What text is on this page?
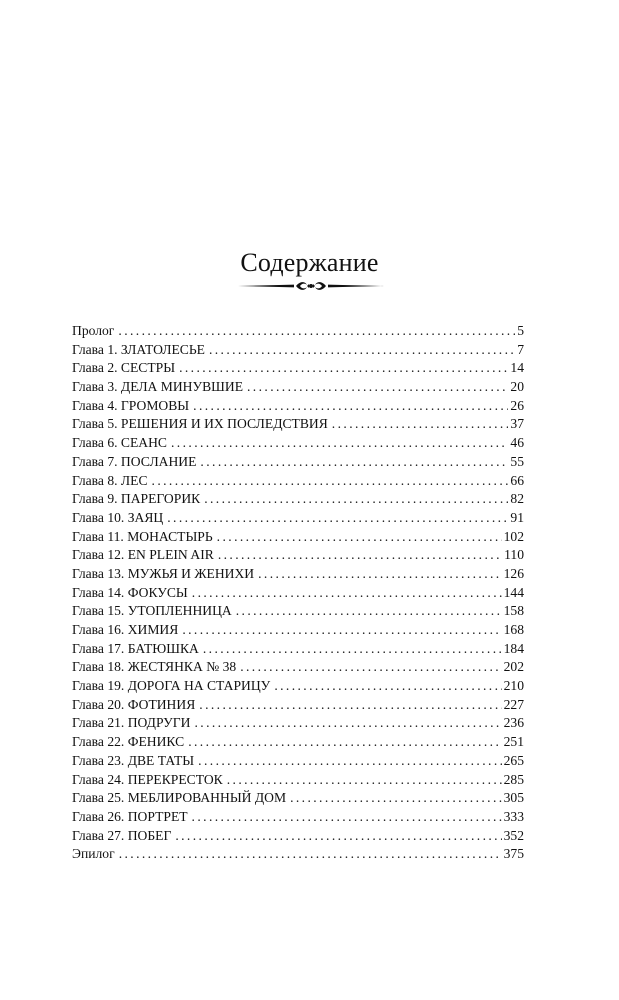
Содержание
Пролог . . .	5
Глава 1. ЗЛАТОЛЕСЬЕ . . .	7
Глава 2. СЕСТРЫ . . .	14
Глава 3. ДЕЛА МИНУВШИЕ . . .	20
Глава 4. ГРОМОВЫ . . .	26
Глава 5. РЕШЕНИЯ И ИХ ПОСЛЕДСТВИЯ . . .	37
Глава 6. СЕАНС . . .	46
Глава 7. ПОСЛАНИЕ . . .	55
Глава 8. ЛЕС . . .	66
Глава 9. ПАРЕГОРИК . . .	82
Глава 10. ЗАЯЦ . . .	91
Глава 11. МОНАСТЫРЬ . . .	102
Глава 12. EN PLEIN AIR . . .	110
Глава 13. МУЖЬЯ И ЖЕНИХИ . . .	126
Глава 14. ФОКУСЫ . . .	144
Глава 15. УТОПЛЕННИЦА . . .	158
Глава 16. ХИМИЯ . . .	168
Глава 17. БАТЮШКА . . .	184
Глава 18. ЖЕСТЯНКА № 38 . . .	202
Глава 19. ДОРОГА НА СТАРИЦУ . . .	210
Глава 20. ФОТИНИЯ . . .	227
Глава 21. ПОДРУГИ . . .	236
Глава 22. ФЕНИКС . . .	251
Глава 23. ДВЕ ТАТЫ . . .	265
Глава 24. ПЕРЕКРЕСТОК . . .	285
Глава 25. МЕБЛИРОВАННЫЙ ДОМ . . .	305
Глава 26. ПОРТРЕТ . . .	333
Глава 27. ПОБЕГ . . .	352
Эпилог . . .	375
